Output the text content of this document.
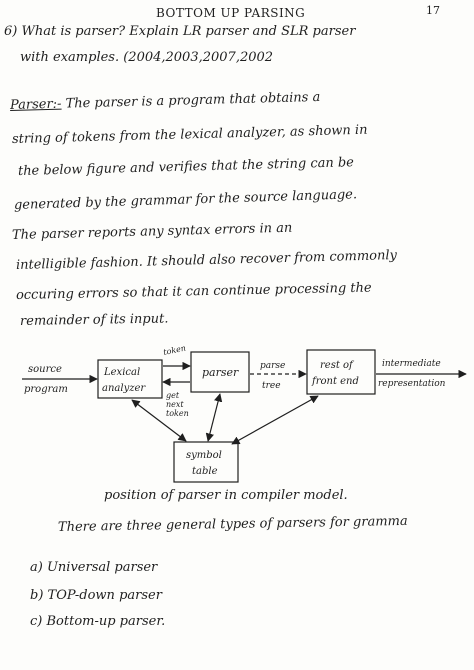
BOTTOM UP PARSING	17
6) What is parser? Explain LR parser and SLR parser
with examples. (2004,2003,2007,2002
Parser:- The parser is a program that obtains a
string of tokens from the lexical analyzer, as shown in
the below figure and verifies that the string can be
generated by the grammar for the source language.
The parser reports any syntax errors in an
intelligible fashion. It should also recover from commonly
occuring errors so that it can continue processing the
remainder of its input.
source
program
Lexical
analyzer
token
get
next
token
parser parse
tree
rest of
front end
intermediate
representation
symbol
table
position of parser in compiler model.
There are three general types of parsers for gramma
a) Universal parser
b) TOP-down parser
c) Bottom-up parser.
